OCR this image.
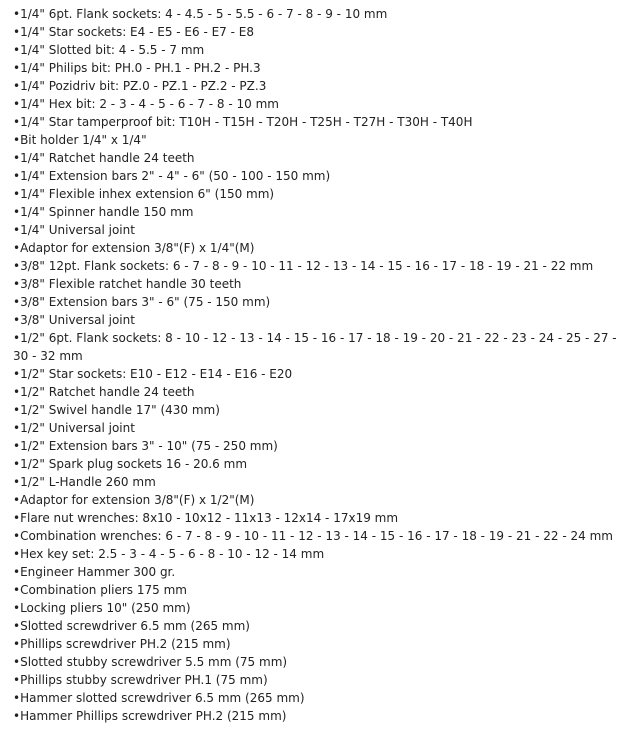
•1/4" 6pt. Flank sockets: 4 - 4.5 - 5 - 5.5 - 6 - 7 - 8 - 9 - 10 mm
•1/4" Star sockets: E4 - E5 - E6 - E7 - E8
•1/4" Slotted bit: 4 - 5.5 - 7 mm
•1/4" Philips bit: PH.0 - PH.1 - PH.2 - PH.3
•1/4" Pozidriv bit: PZ.0 - PZ.1 - PZ.2 - PZ.3
•1/4" Hex bit: 2 - 3 - 4 - 5 - 6 - 7 - 8 - 10 mm
•1/4" Star tamperproof bit: T10H - T15H - T20H - T25H - T27H - T30H - T40H
•Bit holder 1/4" x 1/4"
•1/4" Ratchet handle 24 teeth
•1/4" Extension bars 2" - 4" - 6" (50 - 100 - 150 mm)
•1/4" Flexible inhex extension 6" (150 mm)
•1/4" Spinner handle 150 mm
•1/4" Universal joint
•Adaptor for extension 3/8"(F) x 1/4"(M)
•3/8" 12pt. Flank sockets: 6 - 7 - 8 - 9 - 10 - 11 - 12 - 13 - 14 - 15 - 16 - 17 - 18 - 19 - 21 - 22 mm
•3/8" Flexible ratchet handle 30 teeth
•3/8" Extension bars 3" - 6" (75 - 150 mm)
•3/8" Universal joint
•1/2" 6pt. Flank sockets: 8 - 10 - 12 - 13 - 14 - 15 - 16 - 17 - 18 - 19 - 20 - 21 - 22 - 23 - 24 - 25 - 27 - 30 - 32 mm
•1/2" Star sockets: E10 - E12 - E14 - E16 - E20
•1/2" Ratchet handle 24 teeth
•1/2" Swivel handle 17" (430 mm)
•1/2" Universal joint
•1/2" Extension bars 3" - 10" (75 - 250 mm)
•1/2" Spark plug sockets 16 - 20.6 mm
•1/2" L-Handle 260 mm
•Adaptor for extension 3/8"(F) x 1/2"(M)
•Flare nut wrenches: 8x10 - 10x12 - 11x13 - 12x14 - 17x19 mm
•Combination wrenches: 6 - 7 - 8 - 9 - 10 - 11 - 12 - 13 - 14 - 15 - 16 - 17 - 18 - 19 - 21 - 22 - 24 mm
•Hex key set: 2.5 - 3 - 4 - 5 - 6 - 8 - 10 - 12 - 14 mm
•Engineer Hammer 300 gr.
•Combination pliers 175 mm
•Locking pliers 10" (250 mm)
•Slotted screwdriver 6.5 mm (265 mm)
•Phillips screwdriver PH.2 (215 mm)
•Slotted stubby screwdriver 5.5 mm (75 mm)
•Phillips stubby screwdriver PH.1 (75 mm)
•Hammer slotted screwdriver 6.5 mm (265 mm)
•Hammer Phillips screwdriver PH.2 (215 mm)
